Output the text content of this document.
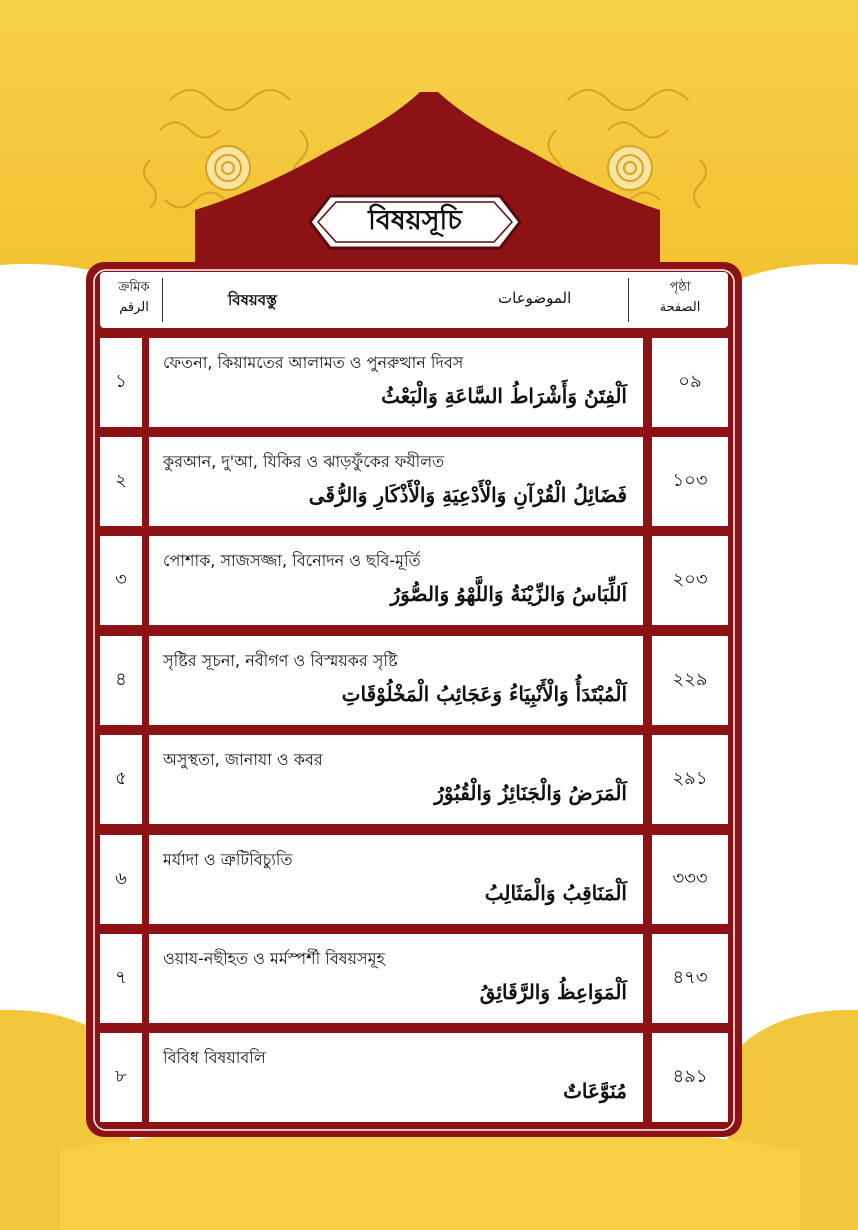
বিষয়সূচি
ক্রমিক
الرقم	বিষয়বস্তু	الموضوعات
পৃষ্ঠা
الصفحة
১
ফেতনা, কিয়ামতের আলামত ও পুনরুত্থান দিবস
اَلْفِتَنُ وَأَشْرَاطُ السَّاعَةِ وَالْبَعْثُ
০৯
২
কুরআন, দু'আ, যিকির ও ঝাড়ফুঁকের ফযীলত
فَضَائِلُ الْقُرْآنِ وَالْأَدْعِيَةِ وَالْأَذْكَارِ وَالرُّقَى
১০৩
৩
পোশাক, সাজসজ্জা, বিনোদন ও ছবি-মূর্তি
اَللِّبَاسُ وَالزِّيْنَةُ وَاللَّهْوُ وَالصُّوَرُ
২০৩
৪
সৃষ্টির সূচনা, নবীগণ ও বিস্ময়কর সৃষ্টি
اَلْمُبْتَدَأُ وَالْأَنْبِيَاءُ وَعَجَائِبُ الْمَخْلُوْقَاتِ
২২৯
৫
অসুস্থতা, জানাযা ও কবর
اَلْمَرَضُ وَالْجَنَائِزُ وَالْقُبُوْرُ
২৯১
৬
মর্যাদা ও ত্রুটিবিচ্যুতি
اَلْمَنَاقِبُ وَالْمَثَالِبُ
৩৩৩
৭
ওয়ায-নছীহত ও মর্মস্পর্শী বিষয়সমূহ
اَلْمَوَاعِظُ وَالرَّقَائِقُ
৪৭৩
৮
বিবিধ বিষয়াবলি
مُنَوَّعَاتٌ
৪৯১
